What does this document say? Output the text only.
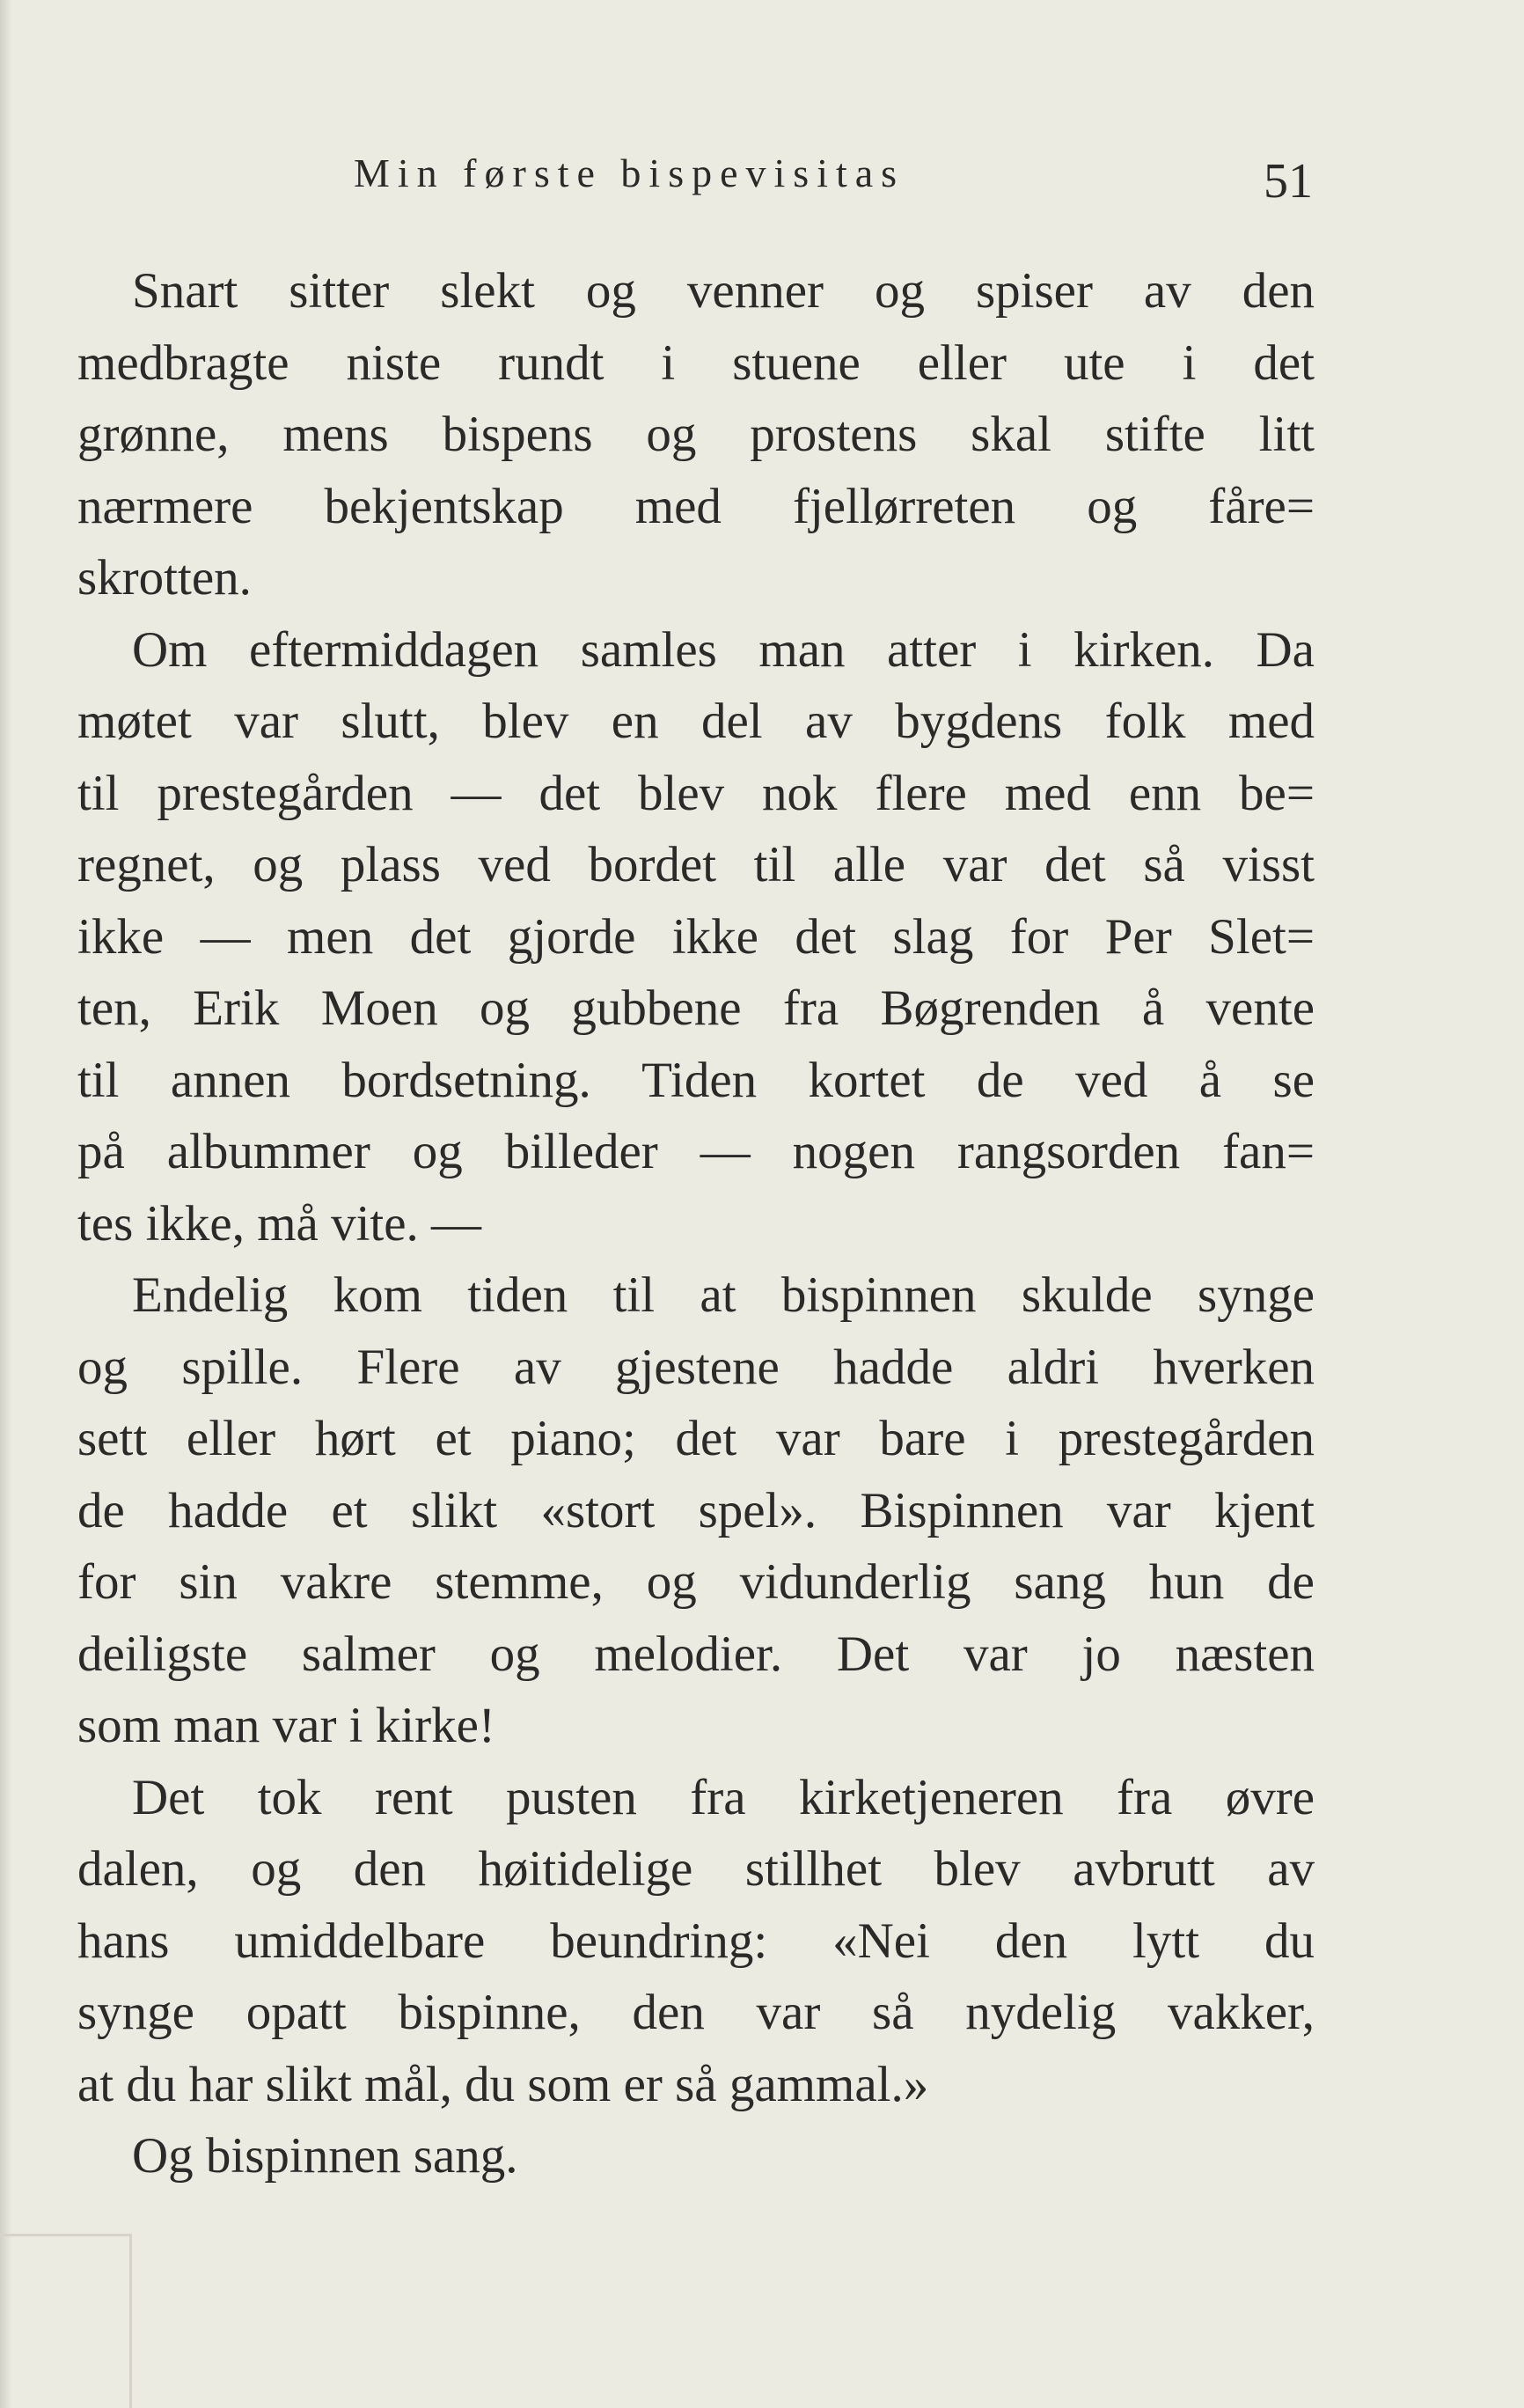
Min første bispevisitas	51
Snart sitter slekt og venner og spiser av den
medbragte niste rundt i stuene eller ute i det
grønne, mens bispens og prostens skal stifte litt
nærmere bekjentskap med fjellørreten og fåre=
skrotten.
Om eftermiddagen samles man atter i kirken. Da
møtet var slutt, blev en del av bygdens folk med
til prestegården — det blev nok flere med enn be=
regnet, og plass ved bordet til alle var det så visst
ikke — men det gjorde ikke det slag for Per Slet=
ten, Erik Moen og gubbene fra Bøgrenden å vente
til annen bordsetning. Tiden kortet de ved å se
på albummer og billeder — nogen rangsorden fan=
tes ikke, må vite. —
Endelig kom tiden til at bispinnen skulde synge
og spille. Flere av gjestene hadde aldri hverken
sett eller hørt et piano; det var bare i prestegården
de hadde et slikt «stort spel». Bispinnen var kjent
for sin vakre stemme, og vidunderlig sang hun de
deiligste salmer og melodier. Det var jo næsten
som man var i kirke!
Det tok rent pusten fra kirketjeneren fra øvre
dalen, og den høitidelige stillhet blev avbrutt av
hans umiddelbare beundring: «Nei den lytt du
synge opatt bispinne, den var så nydelig vakker,
at du har slikt mål, du som er så gammal.»
Og bispinnen sang.
